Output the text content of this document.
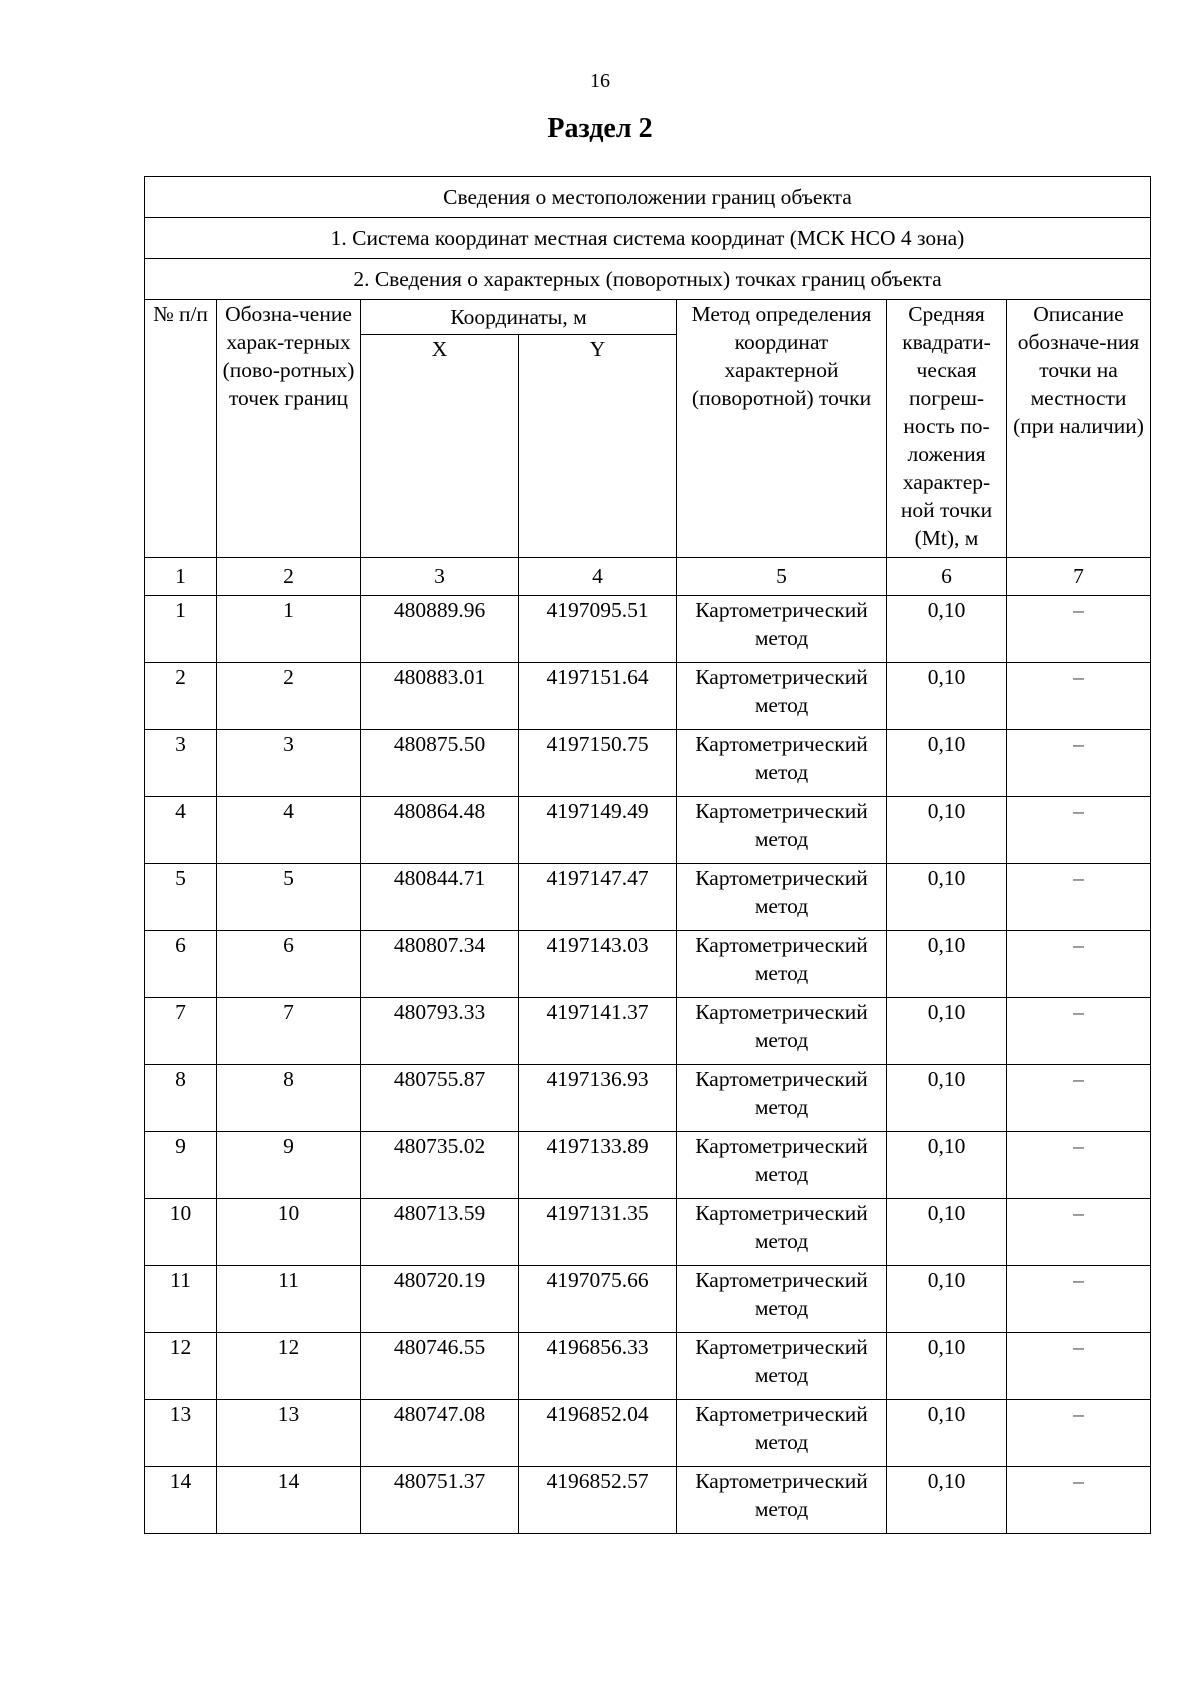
16
Раздел 2
Сведения о местоположении границ объекта						
1. Система координат местная система координат (МСК НСО 4 зона)						
2. Сведения о характерных (поворотных) точках границ объекта						
№ п/п	Обозна-чение харак-терных (пово-ротных) точек границ	Координаты, м		Метод определения координат характерной (поворотной) точки	Средняя квадрати-ческая погреш-ность по-ложения характер-ной точки (Mt), м	Описание обозначе-ния точки на местности (при наличии)
		X	Y			
1	2	3	4	5	6	7
1	1	480889.96	4197095.51	Картометрический метод	0,10	–
2	2	480883.01	4197151.64	Картометрический метод	0,10	–
3	3	480875.50	4197150.75	Картометрический метод	0,10	–
4	4	480864.48	4197149.49	Картометрический метод	0,10	–
5	5	480844.71	4197147.47	Картометрический метод	0,10	–
6	6	480807.34	4197143.03	Картометрический метод	0,10	–
7	7	480793.33	4197141.37	Картометрический метод	0,10	–
8	8	480755.87	4197136.93	Картометрический метод	0,10	–
9	9	480735.02	4197133.89	Картометрический метод	0,10	–
10	10	480713.59	4197131.35	Картометрический метод	0,10	–
11	11	480720.19	4197075.66	Картометрический метод	0,10	–
12	12	480746.55	4196856.33	Картометрический метод	0,10	–
13	13	480747.08	4196852.04	Картометрический метод	0,10	–
14	14	480751.37	4196852.57	Картометрический метод	0,10	–
